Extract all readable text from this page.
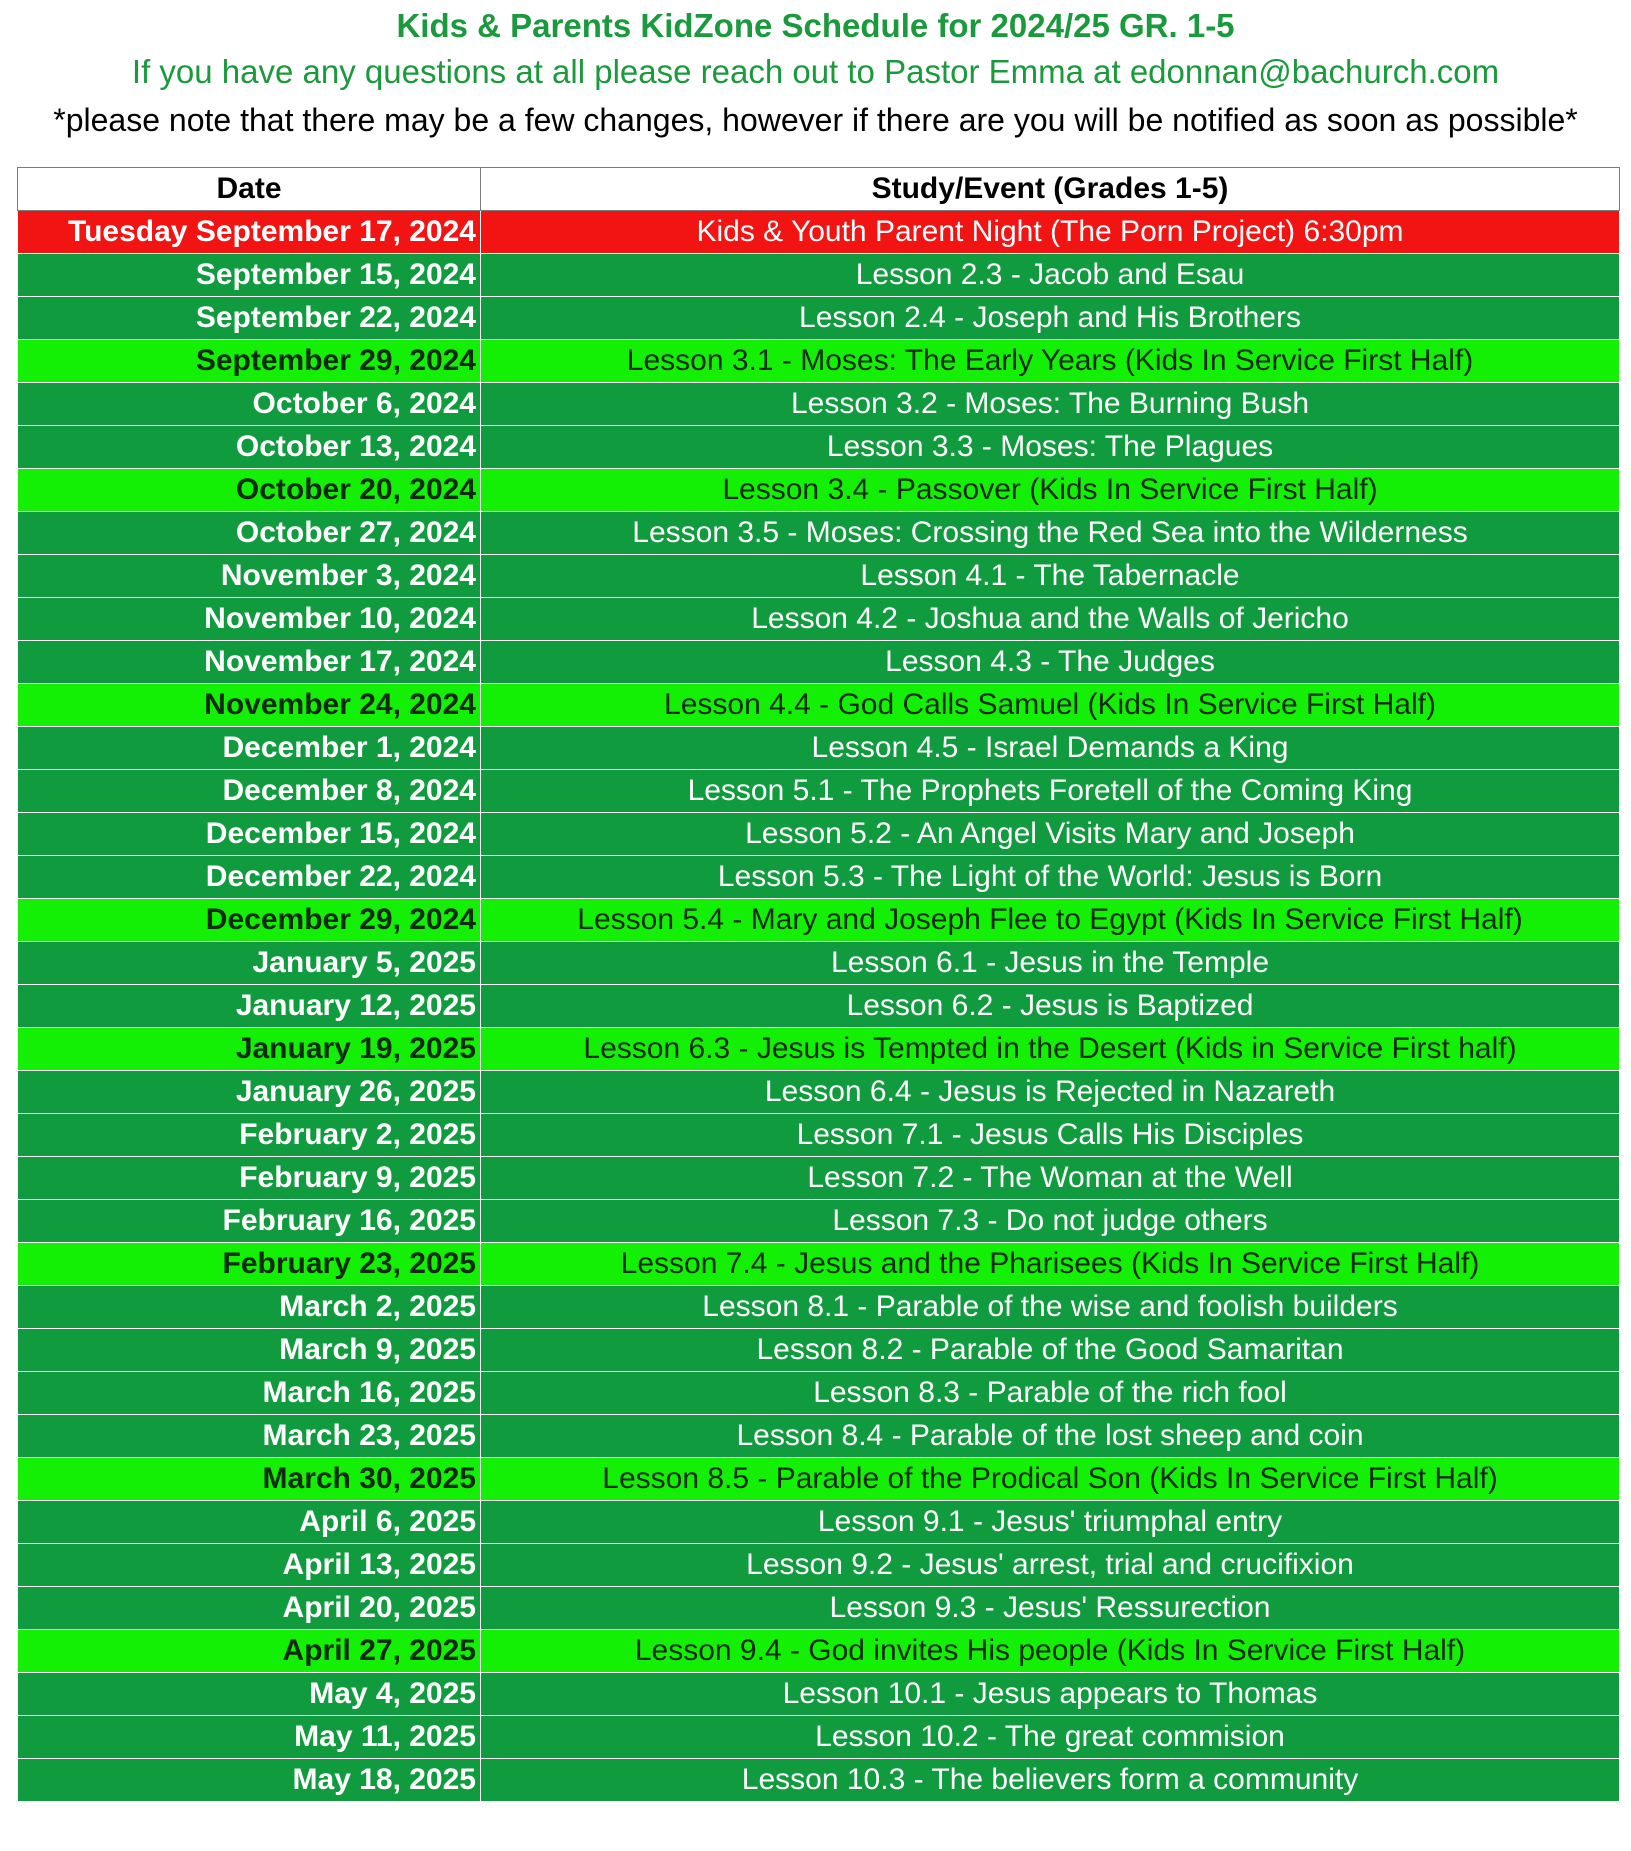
Kids & Parents KidZone Schedule for 2024/25 GR. 1-5
If you have any questions at all please reach out to Pastor Emma at edonnan@bachurch.com
*please note that there may be a few changes, however if there are you will be notified as soon as possible*
Date	Study/Event (Grades 1-5)
Tuesday September 17, 2024	Kids & Youth Parent Night (The Porn Project) 6:30pm
September 15, 2024	Lesson 2.3 - Jacob and Esau
September 22, 2024	Lesson 2.4 - Joseph and His Brothers
September 29, 2024	Lesson 3.1 - Moses: The Early Years (Kids In Service First Half)
October 6, 2024	Lesson 3.2 - Moses: The Burning Bush
October 13, 2024	Lesson 3.3 - Moses: The Plagues
October 20, 2024	Lesson 3.4 - Passover (Kids In Service First Half)
October 27, 2024	Lesson 3.5 - Moses: Crossing the Red Sea into the Wilderness
November 3, 2024	Lesson 4.1 - The Tabernacle
November 10, 2024	Lesson 4.2 - Joshua and the Walls of Jericho
November 17, 2024	Lesson 4.3 - The Judges
November 24, 2024	Lesson 4.4 - God Calls Samuel (Kids In Service First Half)
December 1, 2024	Lesson 4.5 - Israel Demands a King
December 8, 2024	Lesson 5.1 - The Prophets Foretell of the Coming King
December 15, 2024	Lesson 5.2 - An Angel Visits Mary and Joseph
December 22, 2024	Lesson 5.3 - The Light of the World: Jesus is Born
December 29, 2024	Lesson 5.4 - Mary and Joseph Flee to Egypt (Kids In Service First Half)
January 5, 2025	Lesson 6.1 - Jesus in the Temple
January 12, 2025	Lesson 6.2 - Jesus is Baptized
January 19, 2025	Lesson 6.3 - Jesus is Tempted in the Desert (Kids in Service First half)
January 26, 2025	Lesson 6.4 - Jesus is Rejected in Nazareth
February 2, 2025	Lesson 7.1 - Jesus Calls His Disciples
February 9, 2025	Lesson 7.2 - The Woman at the Well
February 16, 2025	Lesson 7.3 - Do not judge others
February 23, 2025	Lesson 7.4 - Jesus and the Pharisees (Kids In Service First Half)
March 2, 2025	Lesson 8.1 - Parable of the wise and foolish builders
March 9, 2025	Lesson 8.2 - Parable of the Good Samaritan
March 16, 2025	Lesson 8.3 - Parable of the rich fool
March 23, 2025	Lesson 8.4 - Parable of the lost sheep and coin
March 30, 2025	Lesson 8.5 - Parable of the Prodical Son (Kids In Service First Half)
April 6, 2025	Lesson 9.1 - Jesus' triumphal entry
April 13, 2025	Lesson 9.2 - Jesus' arrest, trial and crucifixion
April 20, 2025	Lesson 9.3 - Jesus' Ressurection
April 27, 2025	Lesson 9.4 - God invites His people (Kids In Service First Half)
May 4, 2025	Lesson 10.1 - Jesus appears to Thomas
May 11, 2025	Lesson 10.2 - The great commision
May 18, 2025	Lesson 10.3 - The believers form a community
